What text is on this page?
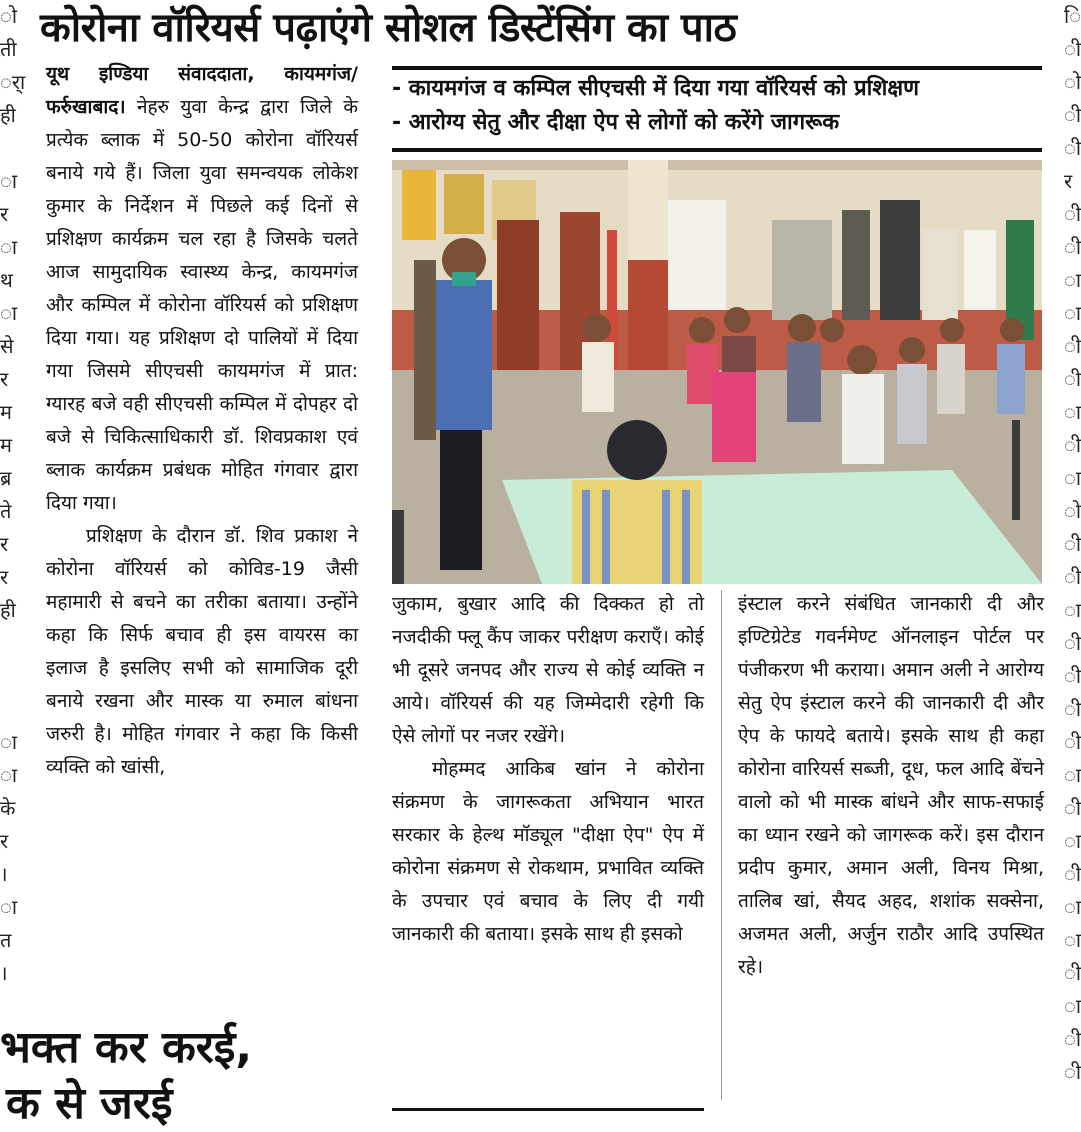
ो
ती
र्ा
ही

ा
र
ा
थ
ा
से
र
म
म
ब्र
ते
र
र
ही

ा
ा
के
र
।
ा
त
।
ि
ी
ो
ी
ी
र
ी
ी
ा
ा
ी
ी
ा
ी
ा
ो
ी
ी
ा
ी
ी
ी
ी
ा
ी
ा
ी
ा
ा
ी
ा
ी
ी
कोरोना वॉरियर्स पढ़ाएंगे सोशल डिस्टेंसिंग का पाठ

यूथ इण्डिया संवाददाता, कायमगंज/फर्रुखाबाद। नेहरु युवा केन्द्र द्वारा जिले के प्रत्येक ब्लाक में 50-50 कोरोना वॉरियर्स बनाये गये हैं। जिला युवा समन्वयक लोकेश कुमार के निर्देशन में पिछले कई दिनों से प्रशिक्षण कार्यक्रम चल रहा है जिसके चलते आज सामुदायिक स्वास्थ्य केन्द्र, कायमगंज और कम्पिल में कोरोना वॉरियर्स को प्रशिक्षण दिया गया। यह प्रशिक्षण दो पालियों में दिया गया जिसमे सीएचसी कायमगंज में प्रात: ग्यारह बजे वही सीएचसी कम्पिल में दोपहर दो बजे से चिकित्साधिकारी डॉ. शिवप्रकाश एवं ब्लाक कार्यक्रम प्रबंधक मोहित गंगवार द्वारा दिया गया।

प्रशिक्षण के दौरान डॉ. शिव प्रकाश ने कोरोना वॉरियर्स को कोविड-19 जैसी महामारी से बचने का तरीका बताया। उन्होंने कहा कि सिर्फ बचाव ही इस वायरस का इलाज है इसलिए सभी को सामाजिक दूरी बनाये रखना और मास्क या रुमाल बांधना जरुरी है। मोहित गंगवार ने कहा कि किसी व्यक्ति को खांसी,

- कायमगंज व कम्पिल सीएचसी में दिया गया वॉरियर्स को प्रशिक्षण
- आरोग्य सेतु और दीक्षा ऐप से लोगों को करेंगे जागरूक

जुकाम, बुखार आदि की दिक्कत हो तो नजदीकी फ्लू कैंप जाकर परीक्षण कराएँ। कोई भी दूसरे जनपद और राज्य से कोई व्यक्ति न आये। वॉरियर्स की यह जिम्मेदारी रहेगी कि ऐसे लोगों पर नजर रखेंगे।

मोहम्मद आकिब खांन ने कोरोना संक्रमण के जागरूकता अभियान भारत सरकार के हेल्थ मॉड्यूल "दीक्षा ऐप" ऐप में कोरोना संक्रमण से रोकथाम, प्रभावित व्यक्ति के उपचार एवं बचाव के लिए दी गयी जानकारी की बताया। इसके साथ ही इसको

इंस्टाल करने संबंधित जानकारी दी और इण्टिग्रेटेड गवर्नमेण्ट ऑनलाइन पोर्टल पर पंजीकरण भी कराया। अमान अली ने आरोग्य सेतु ऐप इंस्टाल करने की जानकारी दी और ऐप के फायदे बताये। इसके साथ ही कहा कोरोना वारियर्स सब्जी, दूध, फल आदि बेंचने वालो को भी मास्क बांधने और साफ-सफाई का ध्यान रखने को जागरूक करें। इस दौरान प्रदीप कुमार, अमान अली, विनय मिश्रा, तालिब खां, सैयद अहद, शशांक सक्सेना, अजमत अली, अर्जुन राठौर आदि उपस्थित रहे।

भक्त कर करई,
क से जरई
